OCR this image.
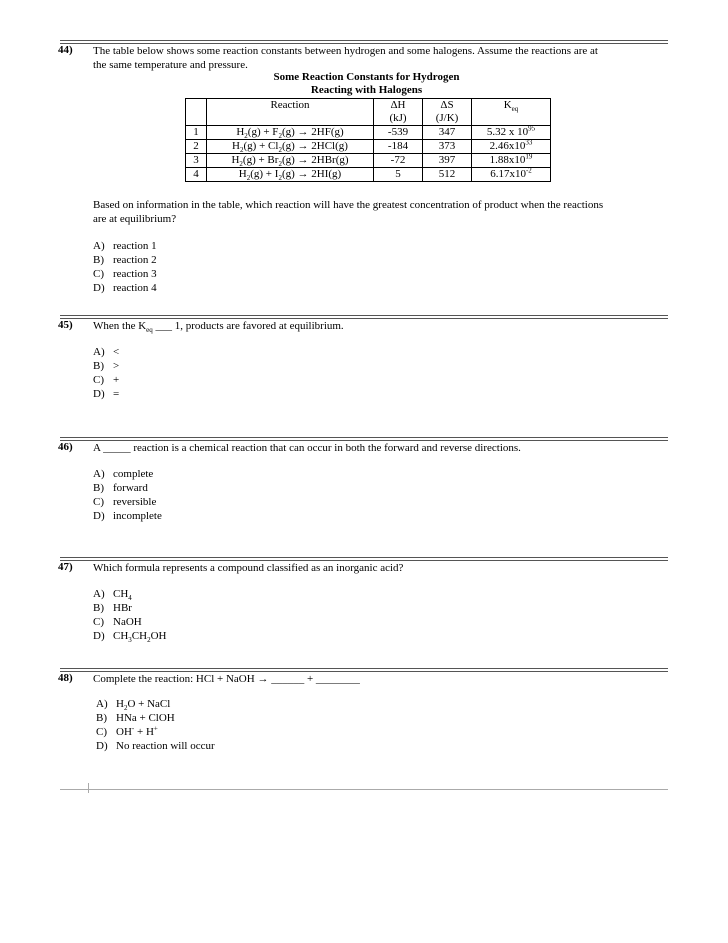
44) The table below shows some reaction constants between hydrogen and some halogens. Assume the reactions are at
the same temperature and pressure.
Some Reaction Constants for Hydrogen
Reacting with Halogens
	Reaction	ΔH	ΔS	$K_{eq}$
		(kJ)	(J/K)	
1	$H_2(g) + F_2(g) \to 2HF(g)$	-539	347	5.32 x $10^{95}$
2	$H_2(g) + Cl_2(g) \to 2HCl(g)$	-184	373	$2.46x10^{33}$
3	$H_2(g) + Br_2(g) \to 2HBr(g)$	-72	397	$1.88x10^{19}$
4	$H_2(g) + I_2(g) \to 2HI(g)$	5	512	$6.17x10^{-2}$
Based on information in the table, which reaction will have the greatest concentration of product when the reactions
are at equilibrium?
A) reaction 1
B) reaction 2
C) reaction 3
D) reaction 4
45) When the $K_{eq}$ ___ 1, products are favored at equilibrium.
A) <
B) >
C) +
D) =
46) A _____ reaction is a chemical reaction that can occur in both the forward and reverse directions.
A) complete
B) forward
C) reversible
D) incomplete
47) Which formula represents a compound classified as an inorganic acid?
A) $CH_4$
B) HBr
C) NaOH
D) $CH_3CH_2OH$
48) Complete the reaction: HCl + NaOH → ______ + ________
A) $H_2O$ + NaCl
B) HNa + ClOH
C) OH- + H+
D) No reaction will occur
